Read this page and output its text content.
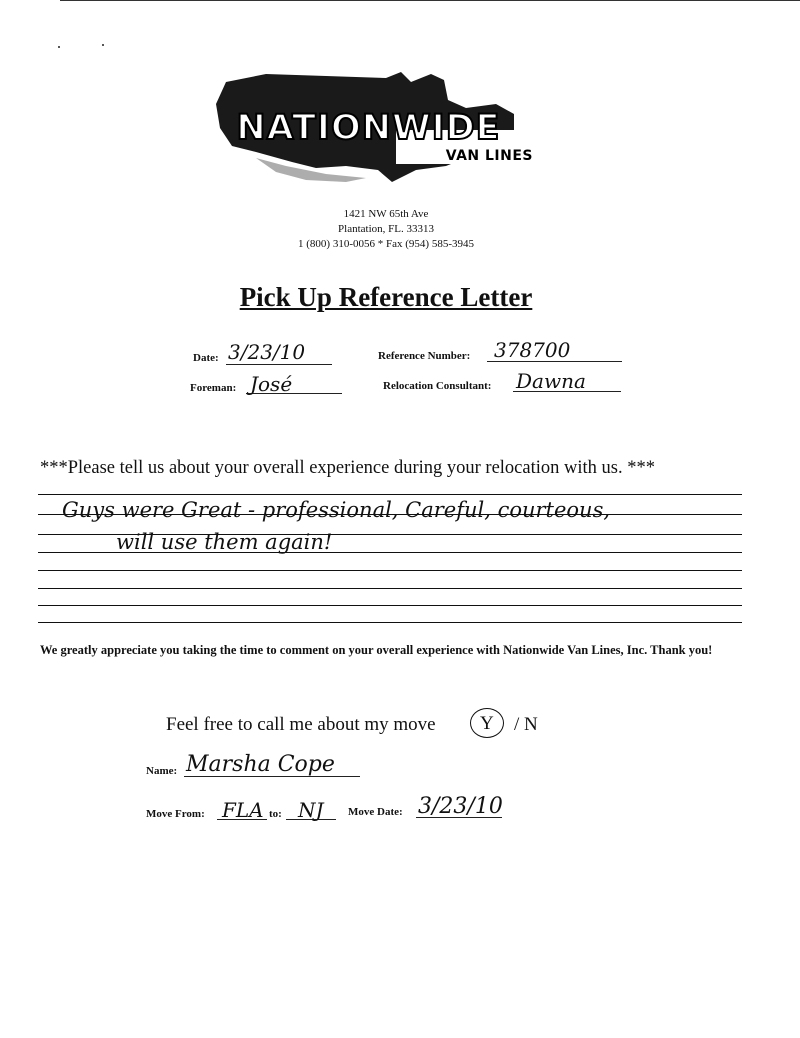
NATIONWIDE
VAN LINES
1421 NW 65th Ave
Plantation, FL. 33313
1 (800) 310-0056 * Fax (954) 585-3945
Pick Up Reference Letter
Date: 3/23/10
Foreman: José
Reference Number: 378700
Relocation Consultant: Dawna
***Please tell us about your overall experience during your relocation with us. ***
Guys were Great - professional, Careful, courteous,
will use them again!
We greatly appreciate you taking the time to comment on your overall experience with Nationwide Van Lines, Inc. Thank you!
Feel free to call me about my move Y / N
Name: Marsha Cope
Move From: FLA to: NJ Move Date: 3/23/10
